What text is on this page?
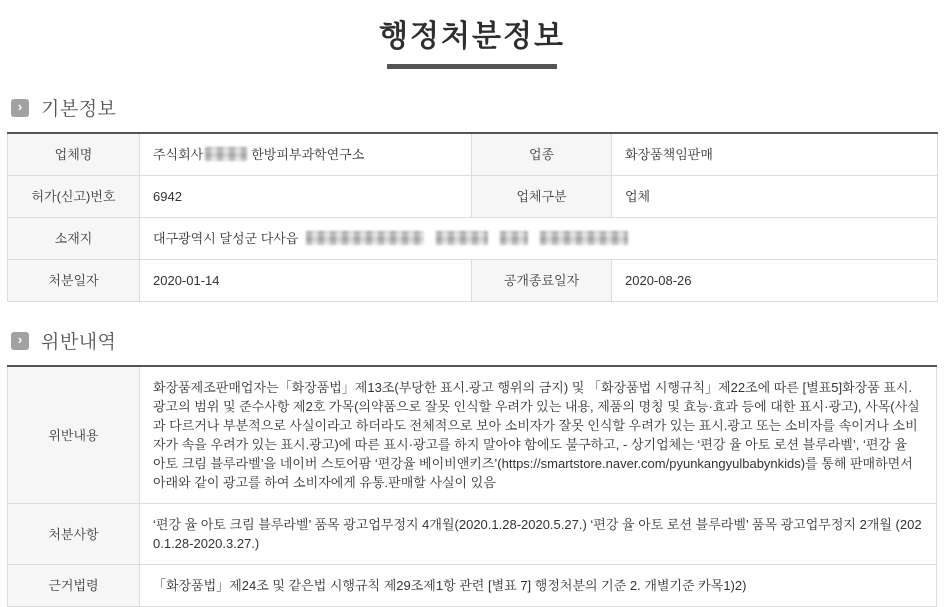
행정처분정보
› 기본정보
업체명	주식회사 한방피부과학연구소	업종	화장품책임판매
허가(신고)번호	6942	업체구분	업체
소재지	대구광역시 달성군 다사읍		
처분일자	2020-01-14	공개종료일자	2020-08-26
› 위반내역
위반내용	화장품제조판매업자는「화장품법」제13조(부당한 표시.광고 행위의 금지) 및 「화장품법 시행규칙」제22조에 따른 [별표5]화장품 표시.광고의 범위 및 준수사항 제2호 가목(의약품으로 잘못 인식할 우려가 있는 내용, 제품의 명칭 및 효능·효과 등에 대한 표시·광고), 사목(사실과 다르거나 부분적으로 사실이라고 하더라도 전체적으로 보아 소비자가 잘못 인식할 우려가 있는 표시.광고 또는 소비자를 속이거나 소비자가 속을 우려가 있는 표시.광고)에 따른 표시·광고를 하지 말아야 함에도 불구하고, - 상기업체는 ‘편강 율 아토 로션 블루라벨’, ‘편강 율 아토 크림 블루라벨’을 네이버 스토어팜 ‘편강율 베이비앤키즈’(https://smartstore.naver.com/pyunkangyulbabynkids)를 통해 판매하면서 아래와 같이 광고를 하여 소비자에게 유통.판매할 사실이 있음
처분사항	‘편강 율 아토 크림 블루라벨’ 품목 광고업무정지 4개월(2020.1.28-2020.5.27.) ‘편강 율 아토 로션 블루라벨’ 품목 광고업무정지 2개월 (2020.1.28-2020.3.27.)
근거법령	「화장품법」제24조 및 같은법 시행규칙 제29조제1항 관련 [별표 7] 행정처분의 기준 2. 개별기준 카목1)2)
